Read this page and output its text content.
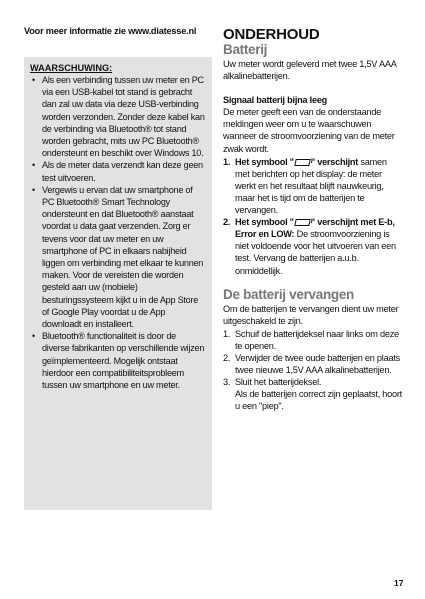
Voor meer informatie zie www.diatesse.nl
WAARSCHUWING:
• Als een verbinding tussen uw meter en PC via een USB-kabel tot stand is gebracht dan zal uw data via deze USB-verbinding worden verzonden. Zonder deze kabel kan de verbinding via Bluetooth® tot stand worden gebracht, mits uw PC Bluetooth® ondersteunt en beschikt over Windows 10.
• Als de meter data verzendt kan deze geen test uitvoeren.
• Vergewis u ervan dat uw smartphone of PC Bluetooth® Smart Technology ondersteunt en dat Bluetooth® aanstaat voordat u data gaat verzenden. Zorg er tevens voor dat uw meter en uw smartphone of PC in elkaars nabijheid liggen om verbinding met elkaar te kunnen maken. Voor de vereisten die worden gesteld aan uw (mobiele) besturingssysteem kijkt u in de App Store of Google Play voordat u de App downloadt en installeert.
• Bluetooth® functionaliteit is door de diverse fabrikanten op verschillende wijzen geïmplementeerd. Mogelijk ontstaat hierdoor een compatibiliteitsprobleem tussen uw smartphone en uw meter.
ONDERHOUD
Batterij

Uw meter wordt geleverd met twee 1,5V AAA alkalinebatterijen.

Signaal batterij bijna leeg

De meter geeft een van de onderstaande meldingen weer om u te waarschuwen wanneer de stroomvoorziening van de meter zwak wordt.

1. Het symbool " " verschijnt samen met berichten op het display: de meter werkt en het resultaat blijft nauwkeurig, maar het is tijd om de batterijen te vervangen.
2. Het symbool " " verschijnt met E-b, Error en LOW: De stroomvoorziening is niet voldoende voor het uitvoeren van een test. Vervang de batterijen a.u.b. onmiddellijk.
De batterij vervangen

Om de batterijen te vervangen dient uw meter uitgeschakeld te zijn.

1. Schuif de batterijdeksel naar links om deze te openen.
2. Verwijder de twee oude batterijen en plaats twee nieuwe 1,5V AAA alkalinebatterijen.
3. Sluit het batterijdeksel.
Als de batterijen correct zijn geplaatst, hoort u een "piep".
17
